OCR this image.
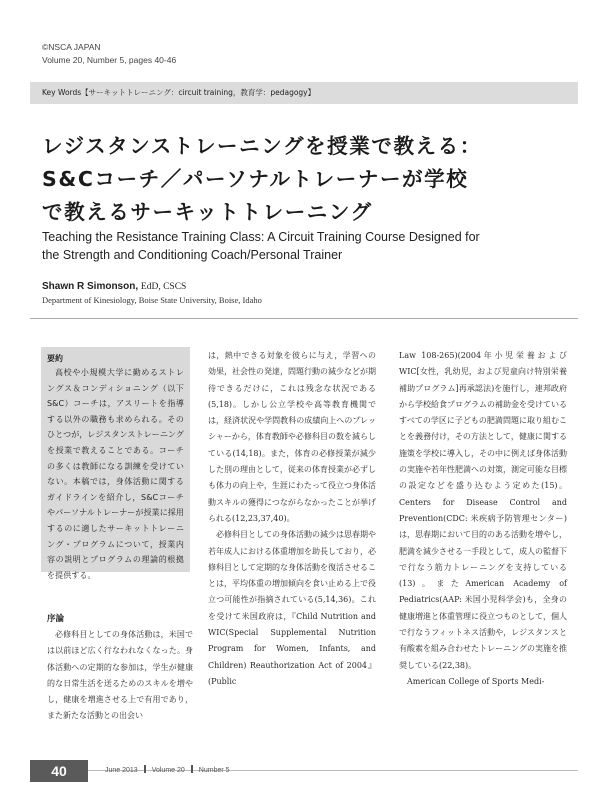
©NSCA JAPAN
Volume 20, Number 5, pages 40-46
Key Words【サーキットトレーニング：circuit training，教育学：pedagogy】
レジスタンストレーニングを授業で教える：
S&Cコーチ／パーソナルトレーナーが学校
で教えるサーキットトレーニング
Teaching the Resistance Training Class: A Circuit Training Course Designed for
the Strength and Conditioning Coach/Personal Trainer
Shawn R Simonson, EdD, CSCS
Department of Kinesiology, Boise State University, Boise, Idaho
要約
高校や小規模大学に勤めるストレングス＆コンディショニング（以下S&C）コーチは，アスリートを指導する以外の職務も求められる。そのひとつが，レジスタンストレーニングを授業で教えることである。コーチの多くは教師になる訓練を受けていない。本稿では，身体活動に関するガイドラインを紹介し，S&Cコーチやパーソナルトレーナーが授業に採用するのに適したサーキットトレーニング・プログラムについて，授業内容の説明とプログラムの理論的根拠を提供する。
序論

必修科目としての身体活動は，米国では以前ほど広く行なわれなくなった。身体活動への定期的な参加は，学生が健康的な日常生活を送るためのスキルを増やし，健康を増進させる上で有用であり，また新たな活動との出会い

は，熱中できる対象を彼らに与え，学習への効果，社会性の発達，問題行動の減少などが期待できるだけに，これは残念な状況である(5,18)。しかし公立学校や高等教育機関では，経済状況や学問教科の成績向上へのプレッシャーから，体育教師や必修科目の数を減らしている(14,18)。また，体育の必修授業が減少した別の理由として，従来の体育授業が必ずしも体力の向上や，生涯にわたって役立つ身体活動スキルの獲得につながらなかったことが挙げられる(12,23,37,40)。

必修科目としての身体活動の減少は思春期や若年成人における体重増加を助長しており，必修科目として定期的な身体活動を復活させることは，平均体重の増加傾向を食い止める上で役立つ可能性が指摘されている(5,14,36)。これを受けて米国政府は，『Child Nutrition and WIC(Special Supplemental Nutrition Program for Women, Infants, and Children) Reauthorization Act of 2004』(Public

Law 108-265)(2004年小児栄養およびWIC[女性，乳幼児，および児童向け特別栄養補助プログラム]再承認法)を施行し，連邦政府から学校給食プログラムの補助金を受けているすべての学区に子どもの肥満問題に取り組むことを義務付け，その方法として，健康に関する施策を学校に導入し，その中に例えば身体活動の実施や若年性肥満への対策，測定可能な目標の設定などを盛り込むよう定めた(15)。Centers for Disease Control and Prevention(CDC: 米疾病予防管理センター)は，思春期において目的のある活動を増やし，肥満を減少させる一手段として，成人の監督下で行なう筋力トレーニングを支持している(13)。またAmerican Academy of Pediatrics(AAP: 米国小児科学会)も，全身の健康増進と体重管理に役立つものとして，個人で行なうフィットネス活動や，レジスタンスと有酸素を組み合わせたトレーニングの実施を推奨している(22,38)。

American College of Sports Medi-

40	June 2013 Volume 20 Number 5
